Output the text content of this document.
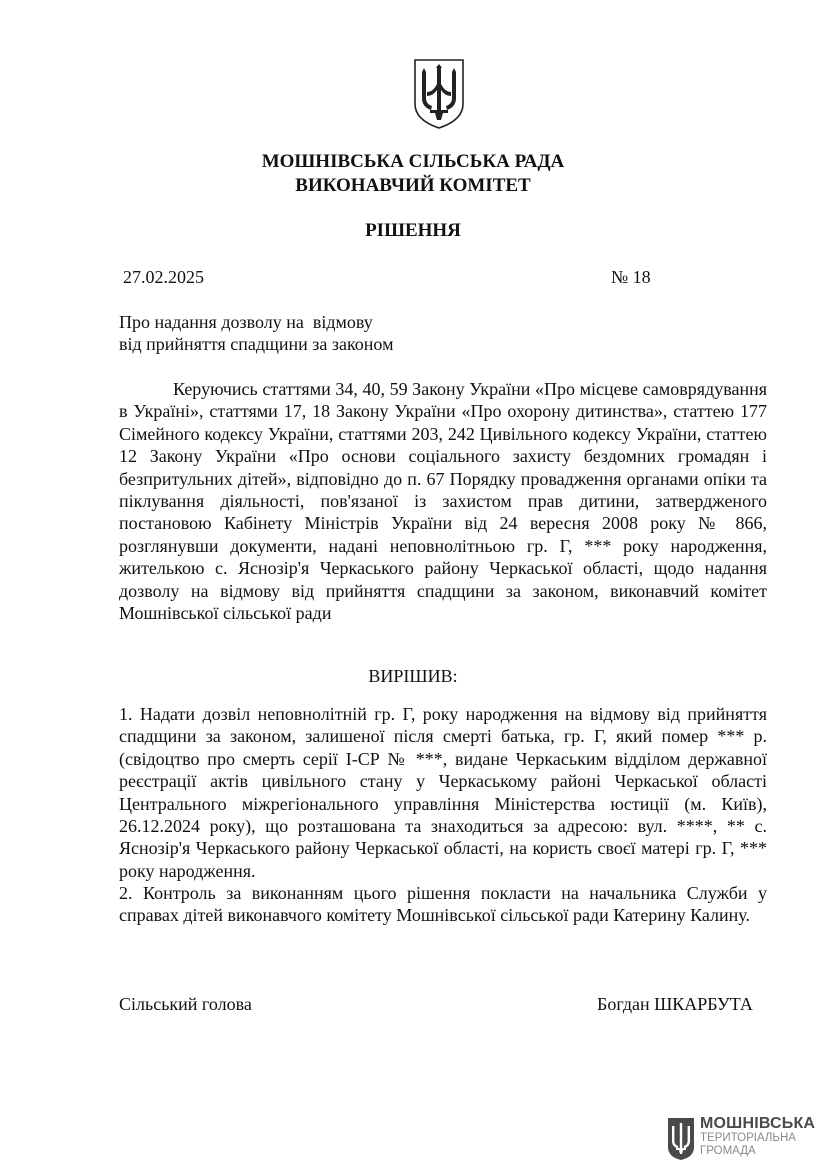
МОШНІВСЬКА СІЛЬСЬКА РАДА
ВИКОНАВЧИЙ КОМІТЕТ
РІШЕННЯ
27.02.2025	№ 18
Про надання дозволу на  відмову
від прийняття спадщини за законом

Керуючись статтями 34, 40, 59 Закону України «Про місцеве самоврядування в Україні», статтями 17, 18 Закону України «Про охорону дитинства», статтею 177 Сімейного кодексу України, статтями 203, 242 Цивільного кодексу України, статтею 12 Закону України «Про основи соціального захисту бездомних громадян і безпритульних дітей», відповідно до п. 67 Порядку провадження органами опіки та піклування діяльності, пов'язаної із захистом прав дитини, затвердженого постановою Кабінету Міністрів України від 24 вересня 2008 року № 866, розглянувши документи, надані неповнолітньою гр. Г, *** року народження, жителькою с. Яснозір'я Черкаського району Черкаської області, щодо надання дозволу на відмову від прийняття спадщини за законом, виконавчий комітет Мошнівської сільської ради

ВИРІШИВ:

1. Надати дозвіл неповнолітній гр. Г, року народження на відмову від прийняття спадщини за законом, залишеної після смерті батька, гр. Г, який помер *** р. (свідоцтво про смерть серії І-СР № ***, видане Черкаським відділом державної реєстрації актів цивільного стану у Черкаському районі Черкаської області Центрального міжрегіонального управління Міністерства юстиції (м. Київ), 26.12.2024 року), що розташована та знаходиться за адресою: вул. ****, ** с. Яснозір'я Черкаського району Черкаської області, на користь своєї матері гр. Г, *** року народження.

2. Контроль за виконанням цього рішення покласти на начальника Служби у справах дітей виконавчого комітету Мошнівської сільської ради Катерину Калину.

Сільський голова	Богдан ШКАРБУТА
МОШНІВСЬКА
ТЕРИТОРІАЛЬНА
ГРОМАДА
